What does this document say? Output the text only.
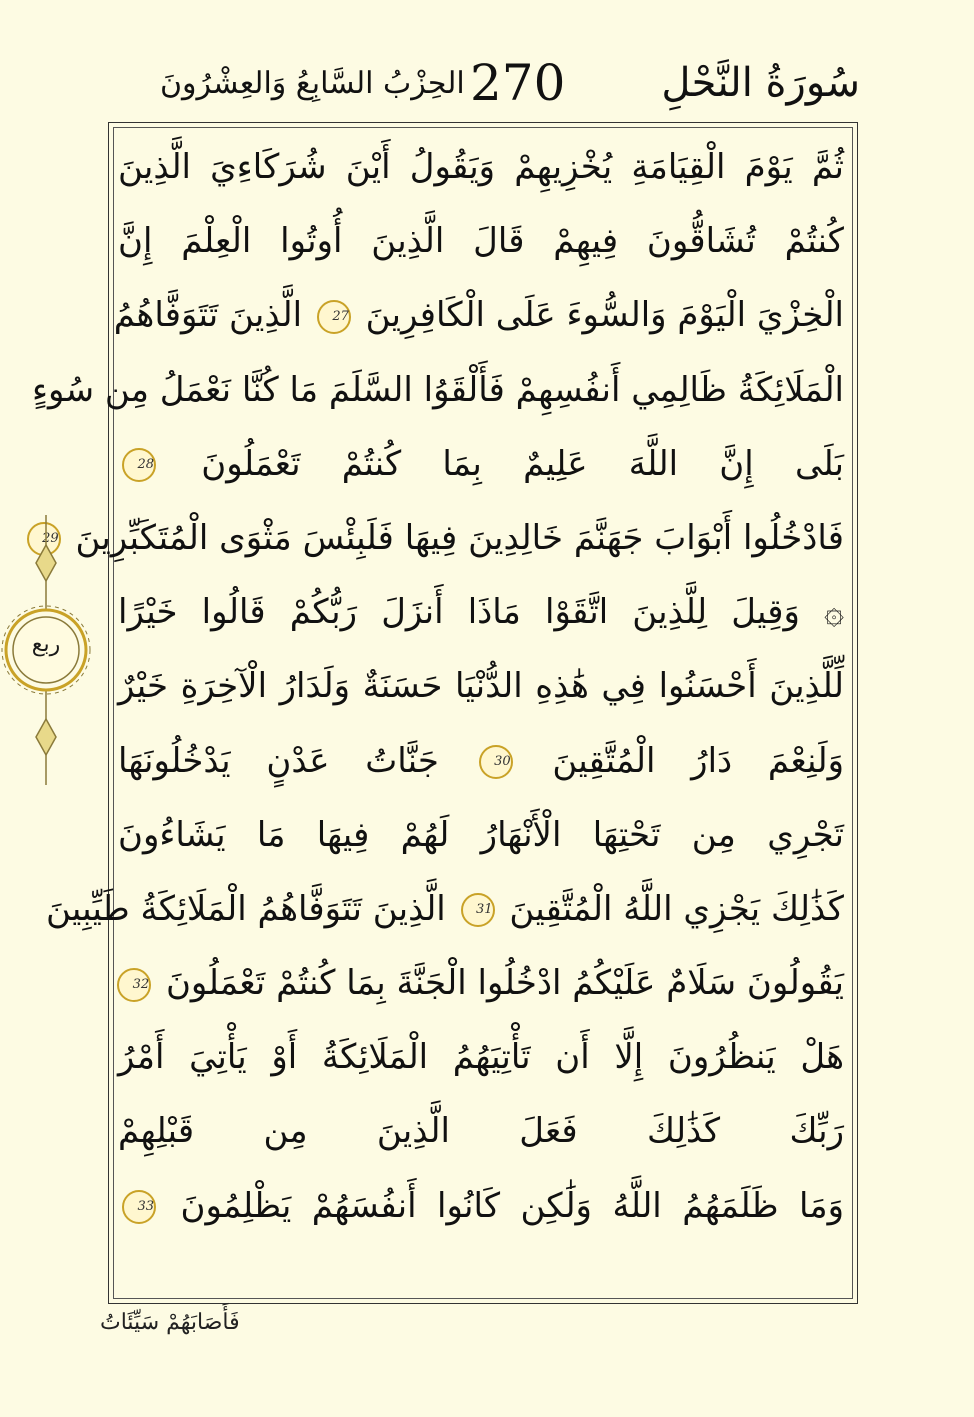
سُورَةُ النَّحْلِ
270
الحِزْبُ السَّابِعُ وَالعِشْرُونَ
ثُمَّ يَوْمَ الْقِيَامَةِ يُخْزِيهِمْ وَيَقُولُ أَيْنَ شُرَكَاءِيَ الَّذِينَ
كُنتُمْ تُشَاقُّونَ فِيهِمْ قَالَ الَّذِينَ أُوتُوا الْعِلْمَ إِنَّ
الْخِزْيَ الْيَوْمَ وَالسُّوءَ عَلَى الْكَافِرِينَ 27 الَّذِينَ تَتَوَفَّاهُمُ
الْمَلَائِكَةُ ظَالِمِي أَنفُسِهِمْ فَأَلْقَوُا السَّلَمَ مَا كُنَّا نَعْمَلُ مِن سُوءٍ
بَلَى إِنَّ اللَّهَ عَلِيمٌ بِمَا كُنتُمْ تَعْمَلُونَ 28
فَادْخُلُوا أَبْوَابَ جَهَنَّمَ خَالِدِينَ فِيهَا فَلَبِئْسَ مَثْوَى الْمُتَكَبِّرِينَ 29
۞ وَقِيلَ لِلَّذِينَ اتَّقَوْا مَاذَا أَنزَلَ رَبُّكُمْ قَالُوا خَيْرًا
لِّلَّذِينَ أَحْسَنُوا فِي هَٰذِهِ الدُّنْيَا حَسَنَةٌ وَلَدَارُ الْآخِرَةِ خَيْرٌ
وَلَنِعْمَ دَارُ الْمُتَّقِينَ 30 جَنَّاتُ عَدْنٍ يَدْخُلُونَهَا
تَجْرِي مِن تَحْتِهَا الْأَنْهَارُ لَهُمْ فِيهَا مَا يَشَاءُونَ
كَذَٰلِكَ يَجْزِي اللَّهُ الْمُتَّقِينَ 31 الَّذِينَ تَتَوَفَّاهُمُ الْمَلَائِكَةُ طَيِّبِينَ
يَقُولُونَ سَلَامٌ عَلَيْكُمُ ادْخُلُوا الْجَنَّةَ بِمَا كُنتُمْ تَعْمَلُونَ 32
هَلْ يَنظُرُونَ إِلَّا أَن تَأْتِيَهُمُ الْمَلَائِكَةُ أَوْ يَأْتِيَ أَمْرُ
رَبِّكَ كَذَٰلِكَ فَعَلَ الَّذِينَ مِن قَبْلِهِمْ
وَمَا ظَلَمَهُمُ اللَّهُ وَلَٰكِن كَانُوا أَنفُسَهُمْ يَظْلِمُونَ 33
ربع
فَأَصَابَهُمْ سَيِّئَاتُ
